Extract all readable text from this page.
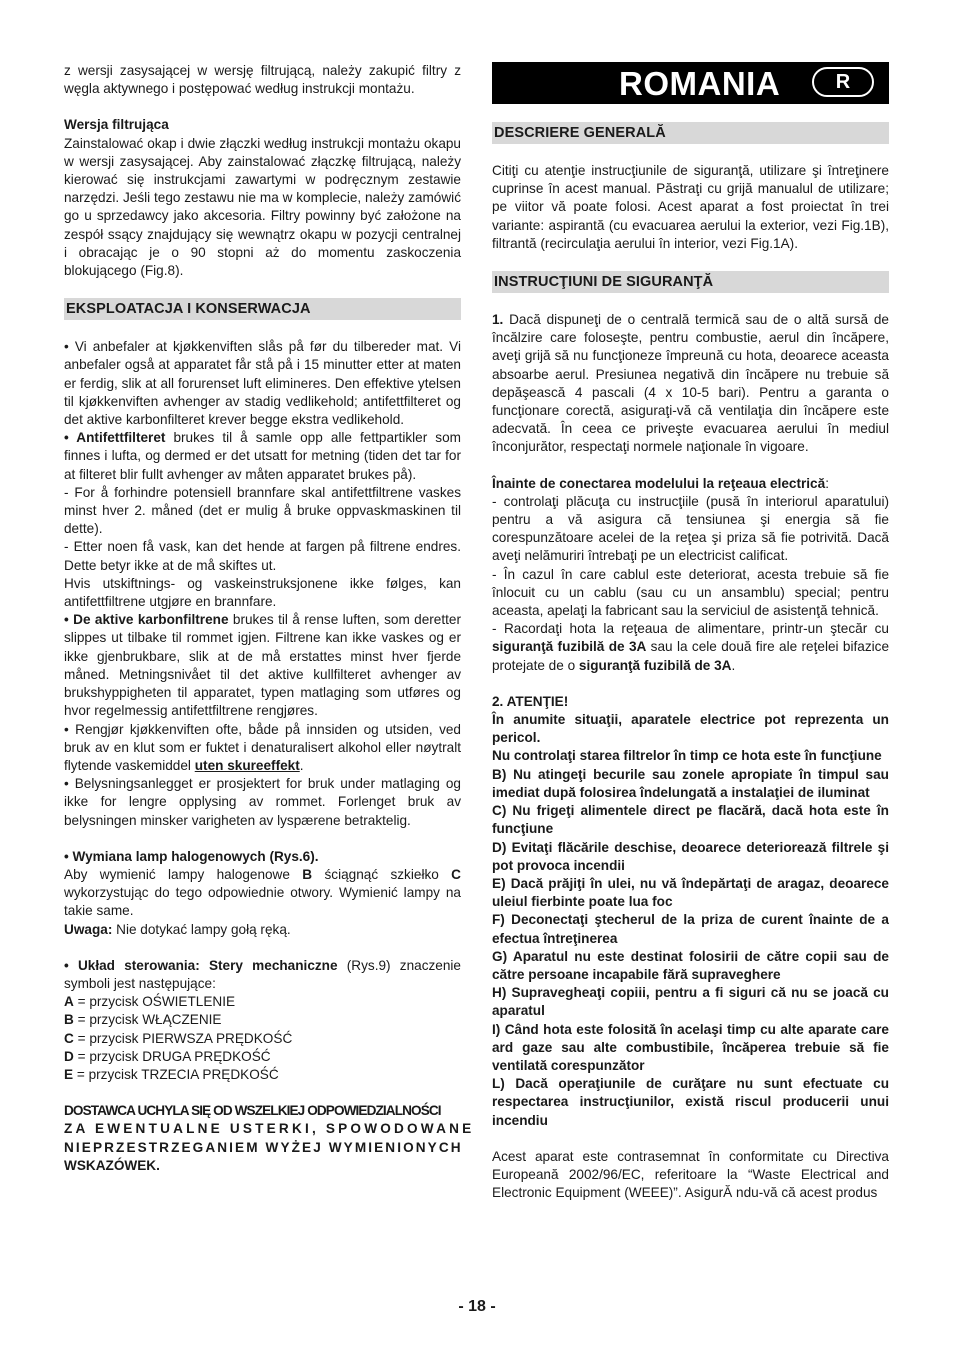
z wersji zasysającej w wersję filtrującą, należy zakupić filtry z węgla aktywnego i postępować według instrukcji montażu.

Wersja filtrująca

Zainstalować okap i dwie złączki według instrukcji montażu okapu w wersji zasysającej. Aby zainstalować złączkę filtrującą, należy kierować się instrukcjami zawartymi w podręcznym zestawie narzędzi. Jeśli tego zestawu nie ma w komplecie, należy zamówić go u sprzedawcy jako akcesoria. Filtry powinny być założone na zespół ssący znajdujący się wewnątrz okapu w pozycji centralnej i obracając je o 90 stopni aż do momentu zaskoczenia blokującego (Fig.8).

EKSPLOATACJA I KONSERWACJA

• Vi anbefaler at kjøkkenviften slås på før du tilbereder mat. Vi anbefaler også at apparatet får stå på i 15 minutter etter at maten er ferdig, slik at all forurenset luft elimineres. Den effektive ytelsen til kjøkkenviften avhenger av stadig vedlikehold; antifettfilteret og det aktive karbonfilteret krever begge ekstra vedlikehold.

• Antifettfilteret brukes til å samle opp alle fettpartikler som finnes i lufta, og dermed er det utsatt for metning (tiden det tar for at filteret blir fullt avhenger av måten apparatet brukes på).

- For å forhindre potensiell brannfare skal antifettfiltrene vaskes minst hver 2. måned (det er mulig å bruke oppvaskmaskinen til dette).

- Etter noen få vask, kan det hende at fargen på filtrene endres. Dette betyr ikke at de må skiftes ut.

Hvis utskiftnings- og vaskeinstruksjonene ikke følges, kan antifettfiltrene utgjøre en brannfare.

• De aktive karbonfiltrene brukes til å rense luften, som deretter slippes ut tilbake til rommet igjen. Filtrene kan ikke vaskes og er ikke gjenbrukbare, slik at de må erstattes minst hver fjerde måned. Metningsnivået til det aktive kullfilteret avhenger av brukshyppigheten til apparatet, typen matlaging som utføres og hvor regelmessig antifettfiltrene rengjøres.

• Rengjør kjøkkenviften ofte, både på innsiden og utsiden, ved bruk av en klut som er fuktet i denaturalisert alkohol eller nøytralt flytende vaskemiddel uten skureeffekt.

• Belysningsanlegget er prosjektert for bruk under matlaging og ikke for lengre opplysing av rommet. Forlenget bruk av belysningen minsker varigheten av lyspærene betraktelig.

• Wymiana lamp halogenowych (Rys.6).

Aby wymienić lampy halogenowe B ściągnąć szkiełko C wykorzystując do tego odpowiednie otwory. Wymienić lampy na takie same.

Uwaga: Nie dotykać lampy gołą ręką.

• Układ sterowania: Stery mechaniczne (Rys.9) znaczenie symboli jest następujące:

A = przycisk OŚWIETLENIE
B = przycisk WŁĄCZENIE
C = przycisk PIERWSZA PRĘDKOŚĆ
D = przycisk DRUGA PRĘDKOŚĆ
E = przycisk TRZECIA PRĘDKOŚĆ
DOSTAWCA UCHYLA SIĘ OD WSZELKIEJ ODPOWIEDZIALNOŚCI
ZA EWENTUALNE USTERKI, SPOWODOWANE
NIEPRZESTRZEGANIEM WYŻEJ WYMIENIONYCH
WSKAZÓWEK.
ROMANIA	R
DESCRIERE GENERALĂ

Citiţi cu atenţie instrucţiunile de siguranţă, utilizare şi întreţinere cuprinse în acest manual. Păstraţi cu grijă manualul de utilizare; pe viitor vă poate folosi. Acest aparat a fost proiectat în trei variante: aspirantă (cu evacuarea aerului la exterior, vezi Fig.1B), filtrantă (recirculaţia aerului în interior, vezi Fig.1A).

INSTRUCŢIUNI DE SIGURANŢĂ

1. Dacă dispuneţi de o centrală termică sau de o altă sursă de încălzire care foloseşte, pentru combustie, aerul din încăpere, aveţi grijă să nu funcţioneze împreună cu hota, deoarece aceasta absoarbe aerul. Presiunea negativă din încăpere nu trebuie să depăşească 4 pascali (4 x 10-5 bari). Pentru a garanta o funcţionare corectă, asiguraţi-vă că ventilaţia din încăpere este adecvată. În ceea ce priveşte evacuarea aerului în mediul înconjurător, respectaţi normele naţionale în vigoare.

Înainte de conectarea modelului la reţeaua electrică:

- controlaţi plăcuţa cu instrucţiile (pusă în interiorul aparatului) pentru a vă asigura că tensiunea şi energia să fie corespunzătoare acelei de la reţea şi priza să fie potrivită. Dacă aveţi nelămuriri întrebaţi pe un electricist calificat.

- În cazul în care cablul este deteriorat, acesta trebuie să fie înlocuit cu un cablu (sau cu un ansamblu) special; pentru aceasta, apelaţi la fabricant sau la serviciul de asistenţă tehnică.

- Racordaţi hota la reţeaua de alimentare, printr-un ştecăr cu siguranţă fuzibilă de 3A sau la cele două fire ale reţelei bifazice protejate de o siguranţă fuzibilă de 3A.

2. ATENŢIE!

În anumite situaţii, aparatele electrice pot reprezenta un pericol.

Nu controlaţi starea filtrelor în timp ce hota este în funcţiune

B) Nu atingeţi becurile sau zonele apropiate în timpul sau imediat după folosirea îndelungată a instalaţiei de iluminat

C) Nu frigeţi alimentele direct pe flacără, dacă hota este în funcţiune

D) Evitaţi flăcările deschise, deoarece deteriorează filtrele şi pot provoca incendii

E) Dacă prăjiţi în ulei, nu vă îndepărtaţi de aragaz, deoarece uleiul fierbinte poate lua foc

F) Deconectaţi ştecherul de la priza de curent înainte de a efectua întreţinerea

G) Aparatul nu este destinat folosirii de către copii sau de către persoane incapabile fără supraveghere

H) Supravegheaţi copiii, pentru a fi siguri că nu se joacă cu aparatul

I) Când hota este folosită în acelaşi timp cu alte aparate care ard gaze sau alte combustibile, încăperea trebuie să fie ventilată corespunzător

L) Dacă operaţiunile de curăţare nu sunt efectuate cu respectarea instrucţiunilor, există riscul producerii unui incendiu

Acest aparat este contrasemnat în conformitate cu Directiva Europeană 2002/96/EC, referitoare la “Waste Electrical and Electronic Equipment (WEEE)”. AsigurĂ ndu-vă că acest produs

- 18 -
